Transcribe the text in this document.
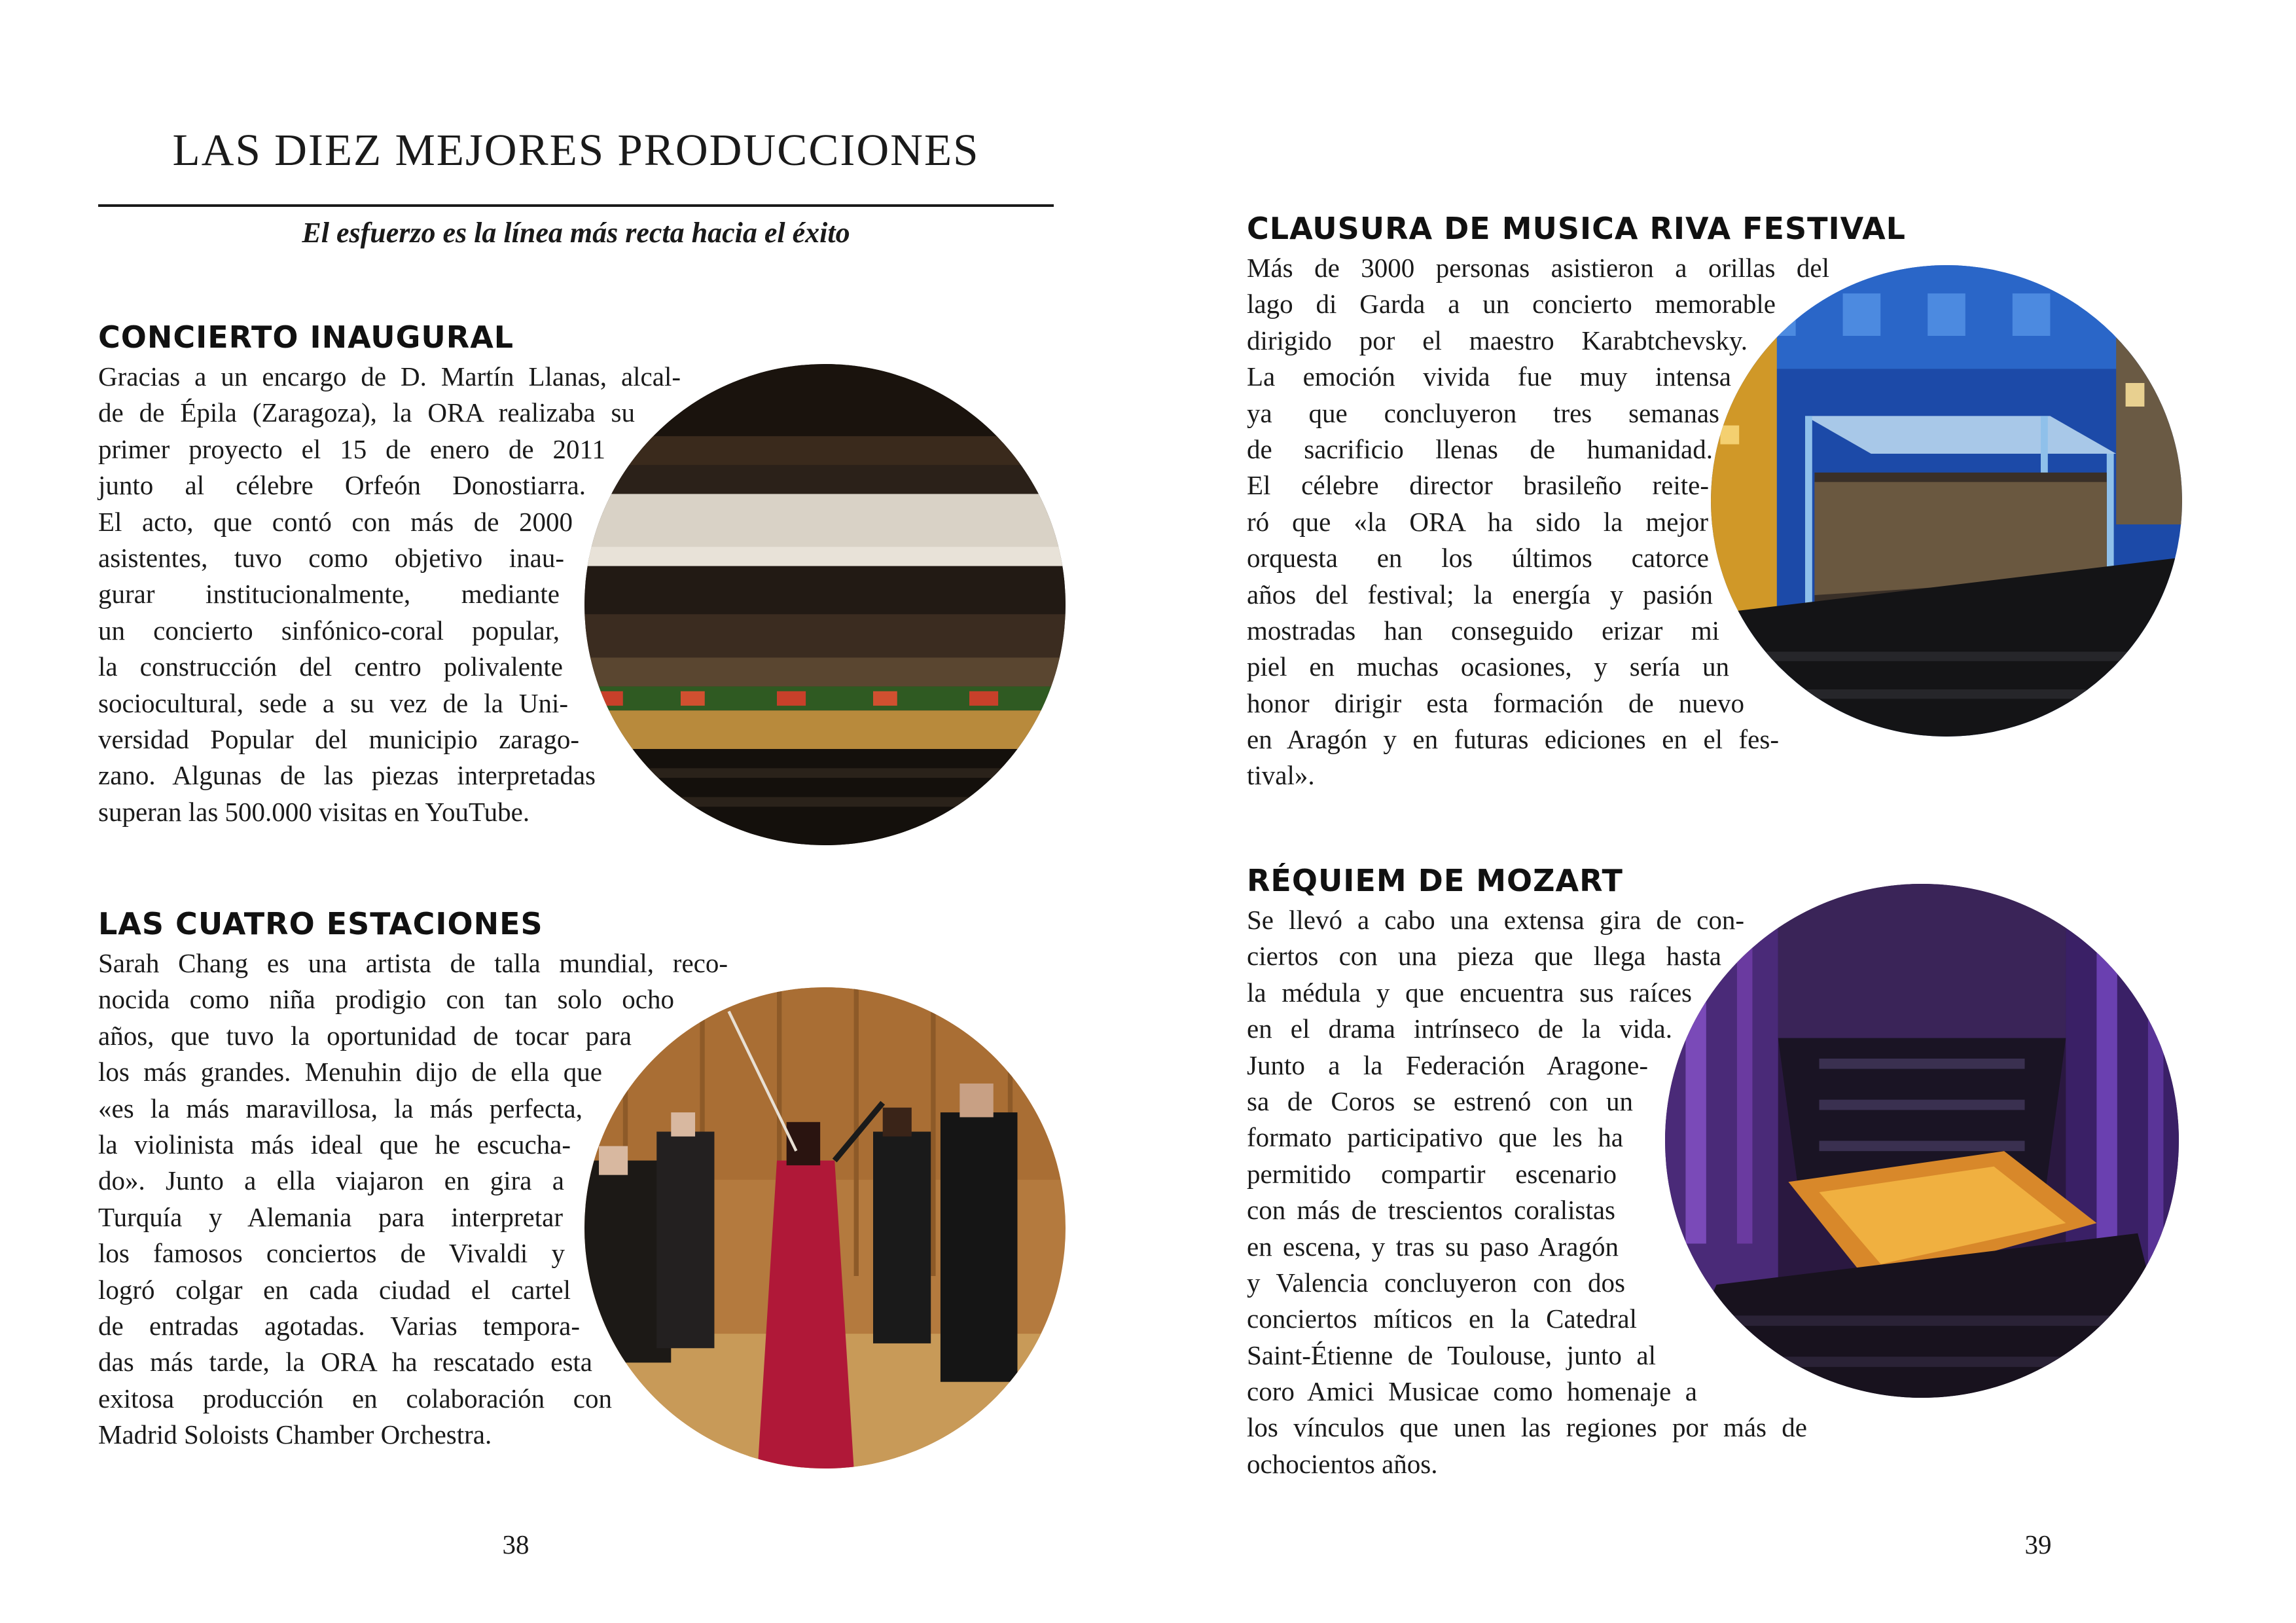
LAS DIEZ MEJORES PRODUCCIONES
El esfuerzo es la línea más recta hacia el éxito
CONCIERTO INAUGURAL
Gracias a un encargo de D. Martín Llanas, alcal-
de de Épila (Zaragoza), la ORA realizaba su
primer proyecto el 15 de enero de 2011
junto al célebre Orfeón Donostiarra.
El acto, que contó con más de 2000
asistentes, tuvo como objetivo inau-
gurar institucionalmente, mediante
un concierto sinfónico-coral popular,
la construcción del centro polivalente
sociocultural, sede a su vez de la Uni-
versidad Popular del municipio zarago-
zano. Algunas de las piezas interpretadas
superan las 500.000 visitas en YouTube.
LAS CUATRO ESTACIONES
Sarah Chang es una artista de talla mundial, reco-
nocida como niña prodigio con tan solo ocho
años, que tuvo la oportunidad de tocar para
los más grandes. Menuhin dijo de ella que
«es la más maravillosa, la más perfecta,
la violinista más ideal que he escucha-
do». Junto a ella viajaron en gira a
Turquía y Alemania para interpretar
los famosos conciertos de Vivaldi y
logró colgar en cada ciudad el cartel
de entradas agotadas. Varias tempora-
das más tarde, la ORA ha rescatado esta
exitosa producción en colaboración con
Madrid Soloists Chamber Orchestra.
38
CLAUSURA DE MUSICA RIVA FESTIVAL
Más de 3000 personas asistieron a orillas del
lago di Garda a un concierto memorable
dirigido por el maestro Karabtchevsky.
La emoción vivida fue muy intensa
ya que concluyeron tres semanas
de sacrificio llenas de humanidad.
El célebre director brasileño reite-
ró que «la ORA ha sido la mejor
orquesta en los últimos catorce
años del festival; la energía y pasión
mostradas han conseguido erizar mi
piel en muchas ocasiones, y sería un
honor dirigir esta formación de nuevo
en Aragón y en futuras ediciones en el fes-
tival».
RÉQUIEM DE MOZART
Se llevó a cabo una extensa gira de con-
ciertos con una pieza que llega hasta
la médula y que encuentra sus raíces
en el drama intrínseco de la vida.
Junto a la Federación Aragone-
sa de Coros se estrenó con un
formato participativo que les ha
permitido compartir escenario
con más de trescientos coralistas
en escena, y tras su paso Aragón
y Valencia concluyeron con dos
conciertos míticos en la Catedral
Saint-Étienne de Toulouse, junto al
coro Amici Musicae como homenaje a
los vínculos que unen las regiones por más de
ochocientos años.
39
